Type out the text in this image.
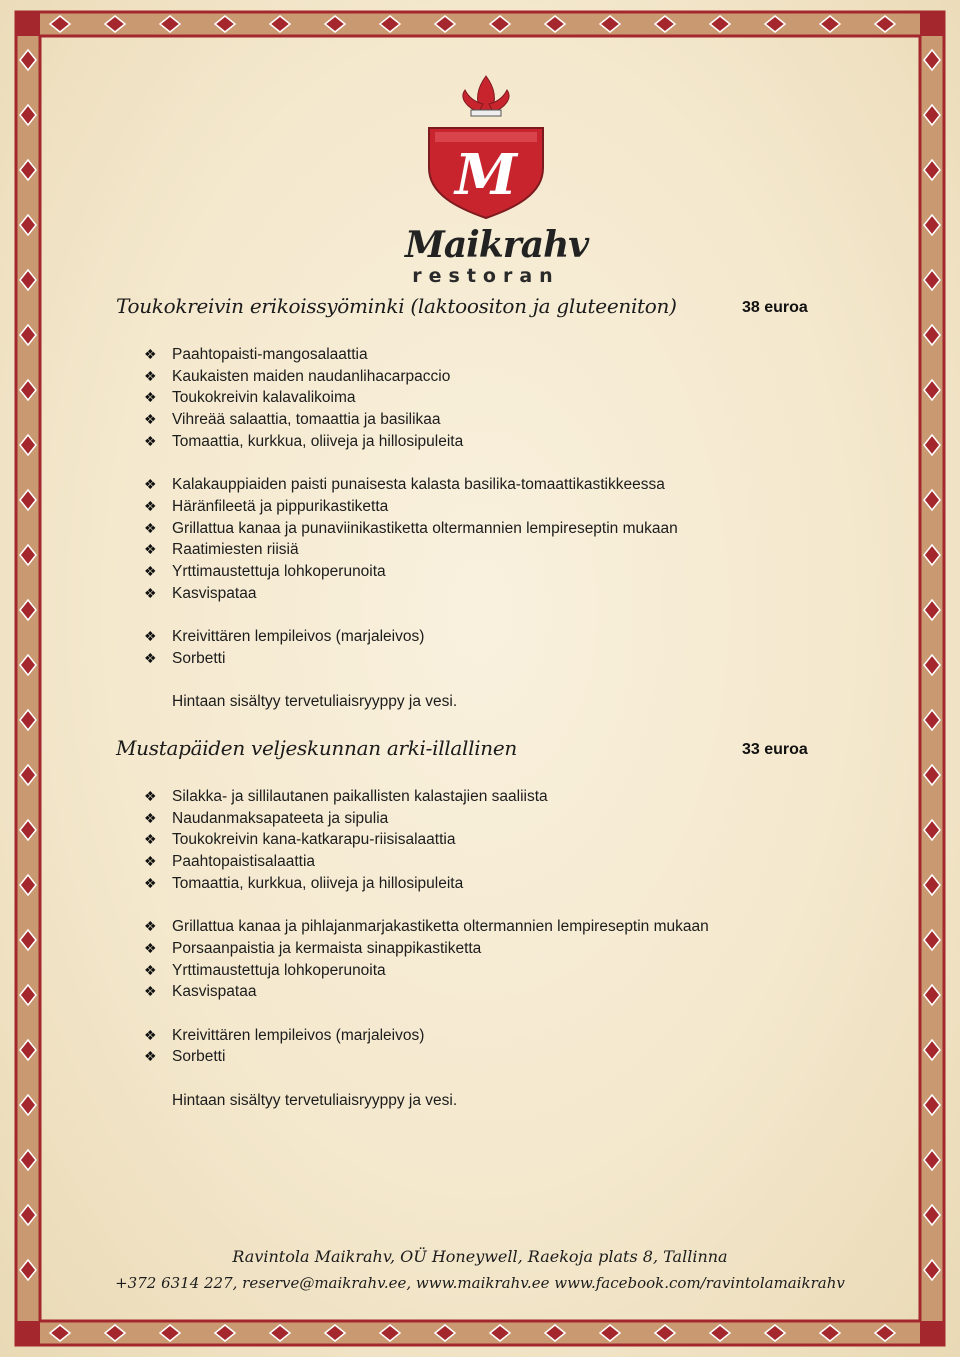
M
Maikrahv
restoran
Toukokreivin erikoissyöminki (laktoositon ja gluteeniton)	38 euroa
❖ Paahtopaisti-mangosalaattia
❖ Kaukaisten maiden naudanlihacarpaccio
❖ Toukokreivin kalavalikoima
❖ Vihreää salaattia, tomaattia ja basilikaa
❖ Tomaattia, kurkkua, oliiveja ja hillosipuleita
❖ Kalakauppiaiden paisti punaisesta kalasta basilika-tomaattikastikkeessa
❖ Häränfileetä ja pippurikastiketta
❖ Grillattua kanaa ja punaviinikastiketta oltermannien lempireseptin mukaan
❖ Raatimiesten riisiä
❖ Yrttimaustettuja lohkoperunoita
❖ Kasvispataa
❖ Kreivittären lempileivos (marjaleivos)
❖ Sorbetti
Hintaan sisältyy tervetuliaisryyppy ja vesi.
Mustapäiden veljeskunnan arki-illallinen	33 euroa
❖ Silakka- ja sillilautanen paikallisten kalastajien saaliista
❖ Naudanmaksapateeta ja sipulia
❖ Toukokreivin kana-katkarapu-riisisalaattia
❖ Paahtopaistisalaattia
❖ Tomaattia, kurkkua, oliiveja ja hillosipuleita
❖ Grillattua kanaa ja pihlajanmarjakastiketta oltermannien lempireseptin mukaan
❖ Porsaanpaistia ja kermaista sinappikastiketta
❖ Yrttimaustettuja lohkoperunoita
❖ Kasvispataa
❖ Kreivittären lempileivos (marjaleivos)
❖ Sorbetti
Hintaan sisältyy tervetuliaisryyppy ja vesi.
Ravintola Maikrahv, OÜ Honeywell, Raekoja plats 8, Tallinna
+372 6314 227, reserve@maikrahv.ee, www.maikrahv.ee www.facebook.com/ravintolamaikrahv
